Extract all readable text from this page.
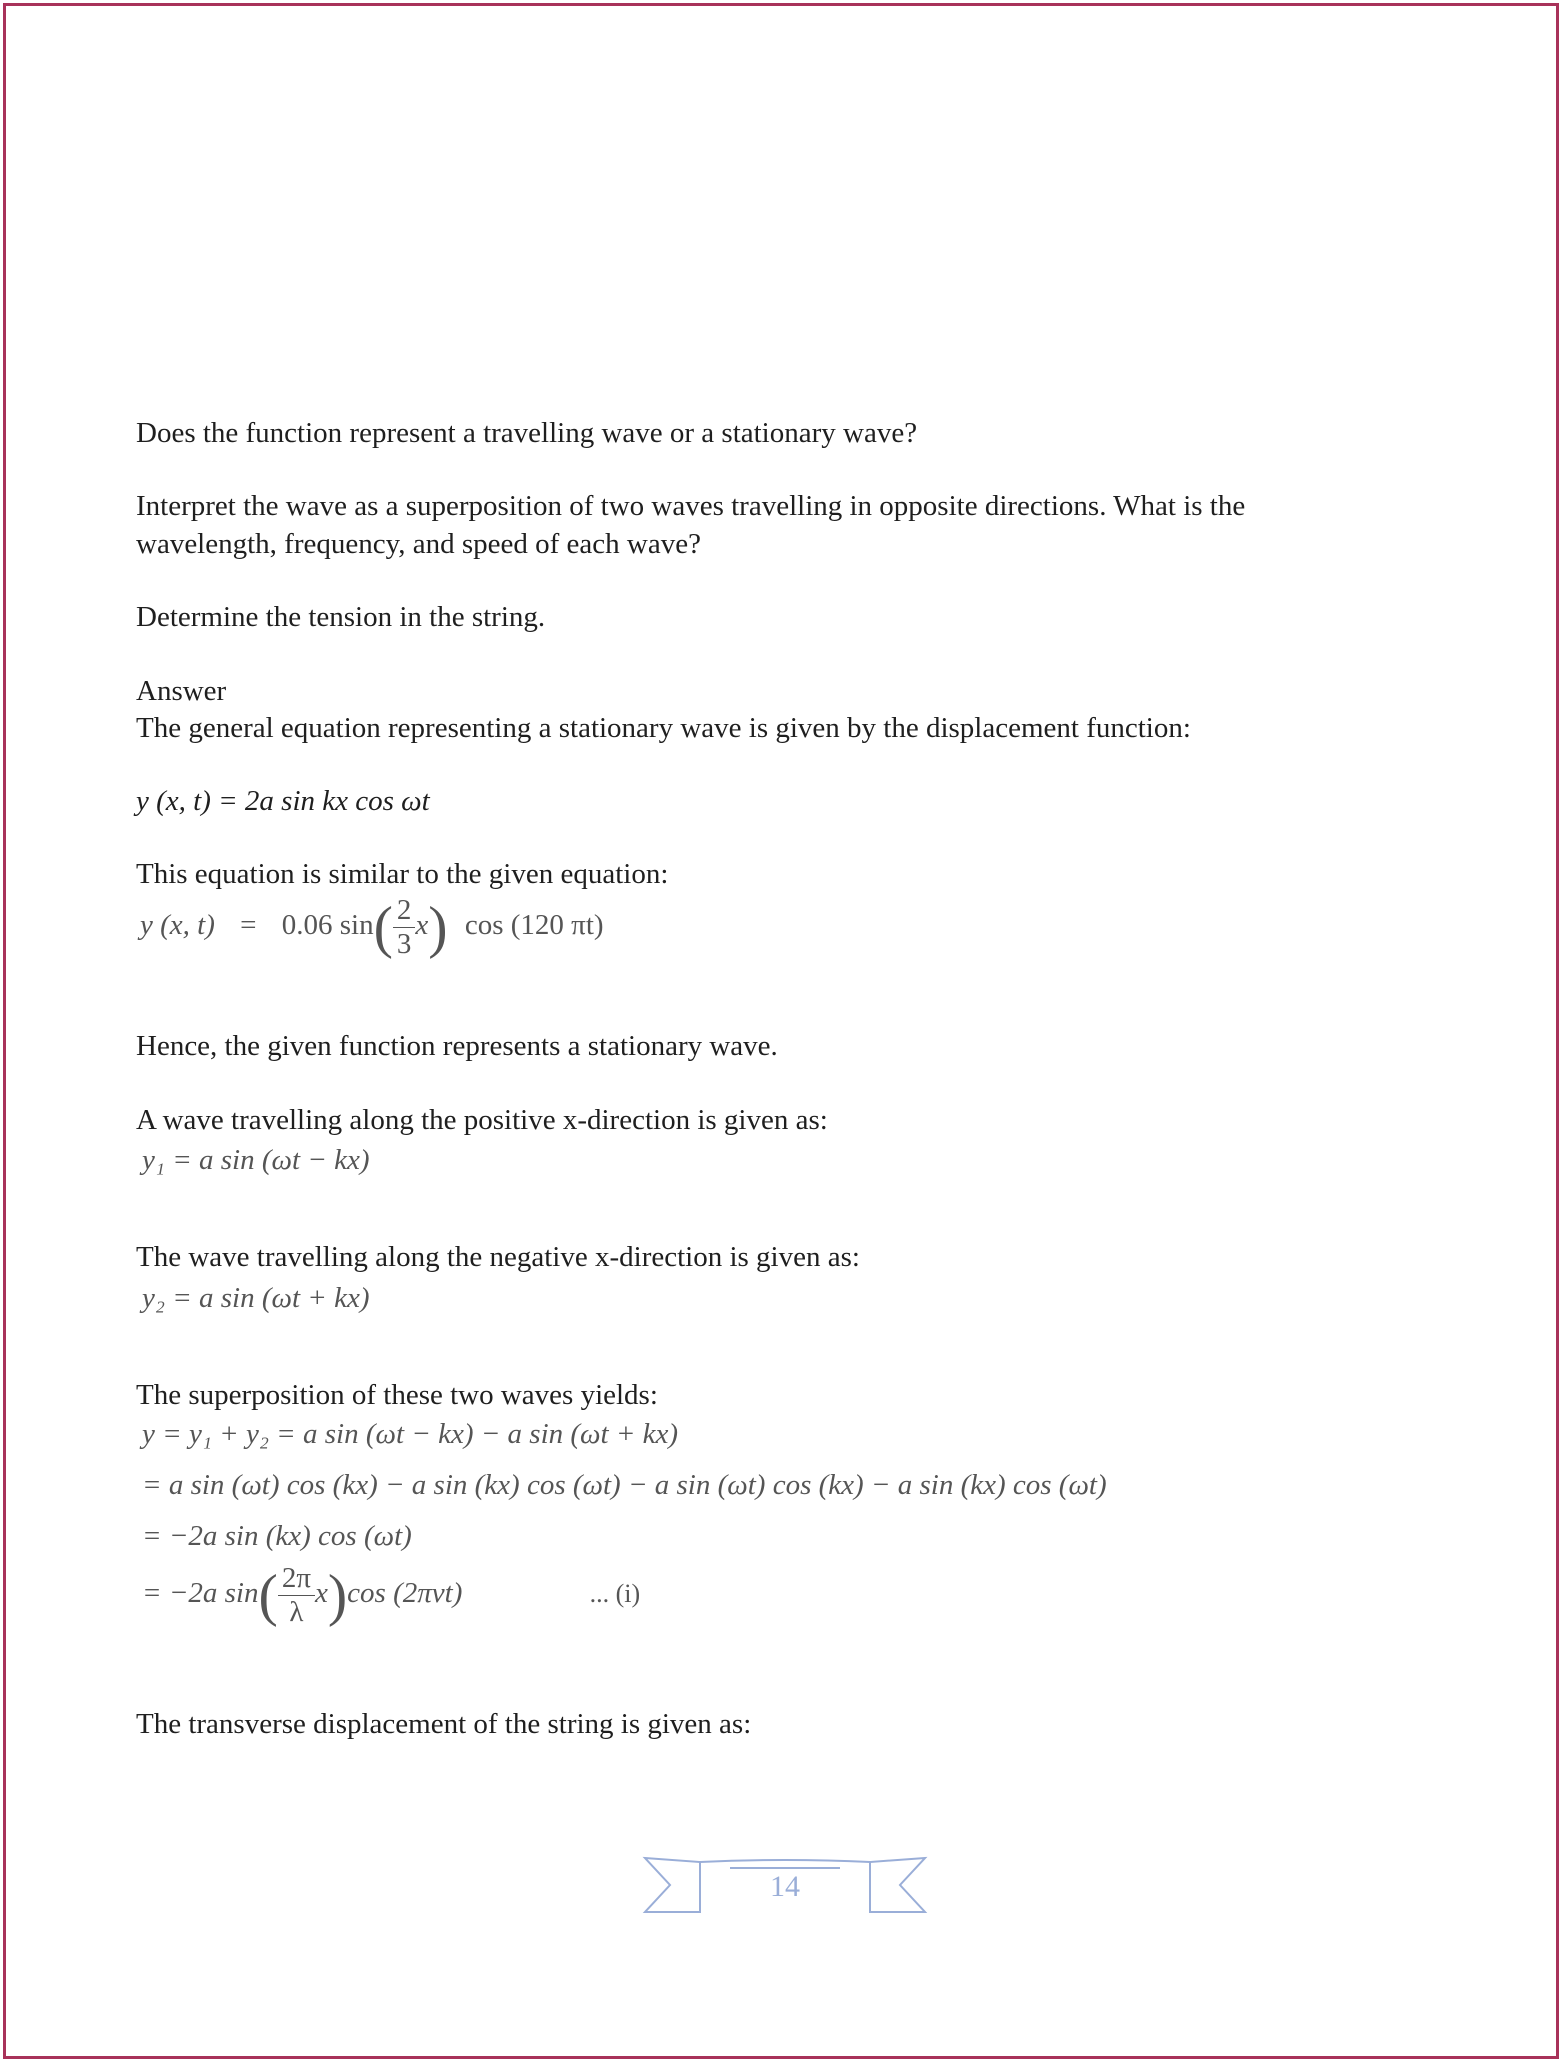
Does the function represent a travelling wave or a stationary wave?

Interpret the wave as a superposition of two waves travelling in opposite directions. What is the

wavelength, frequency, and speed of each wave?

Determine the tension in the string.

Answer

The general equation representing a stationary wave is given by the displacement function:

y (x, t) = 2a sin kx cos ωt

This equation is similar to the given equation:

y (x, t) = 0.06 $\sin( \frac{2}{3} x)$ cos (120 πt)

Hence, the given function represents a stationary wave.

A wave travelling along the positive x-direction is given as:

y₁ = a sin (ωt − kx)

The wave travelling along the negative x-direction is given as:

y₂ = a sin (ωt + kx)

The superposition of these two waves yields:

y = y₁ + y₂ = a sin (ωt − kx) − a sin (ωt + kx)
= a sin (ωt) cos (kx) − a sin (kx) cos (ωt) − a sin (ωt) cos (kx) − a sin (kx) cos (ωt)
= −2a sin (kx) cos (ωt)
= −2a $\sin( \frac{2\pi}{\lambda} x)\cos$ (2πνt)	... (i)

The transverse displacement of the string is given as:

14
